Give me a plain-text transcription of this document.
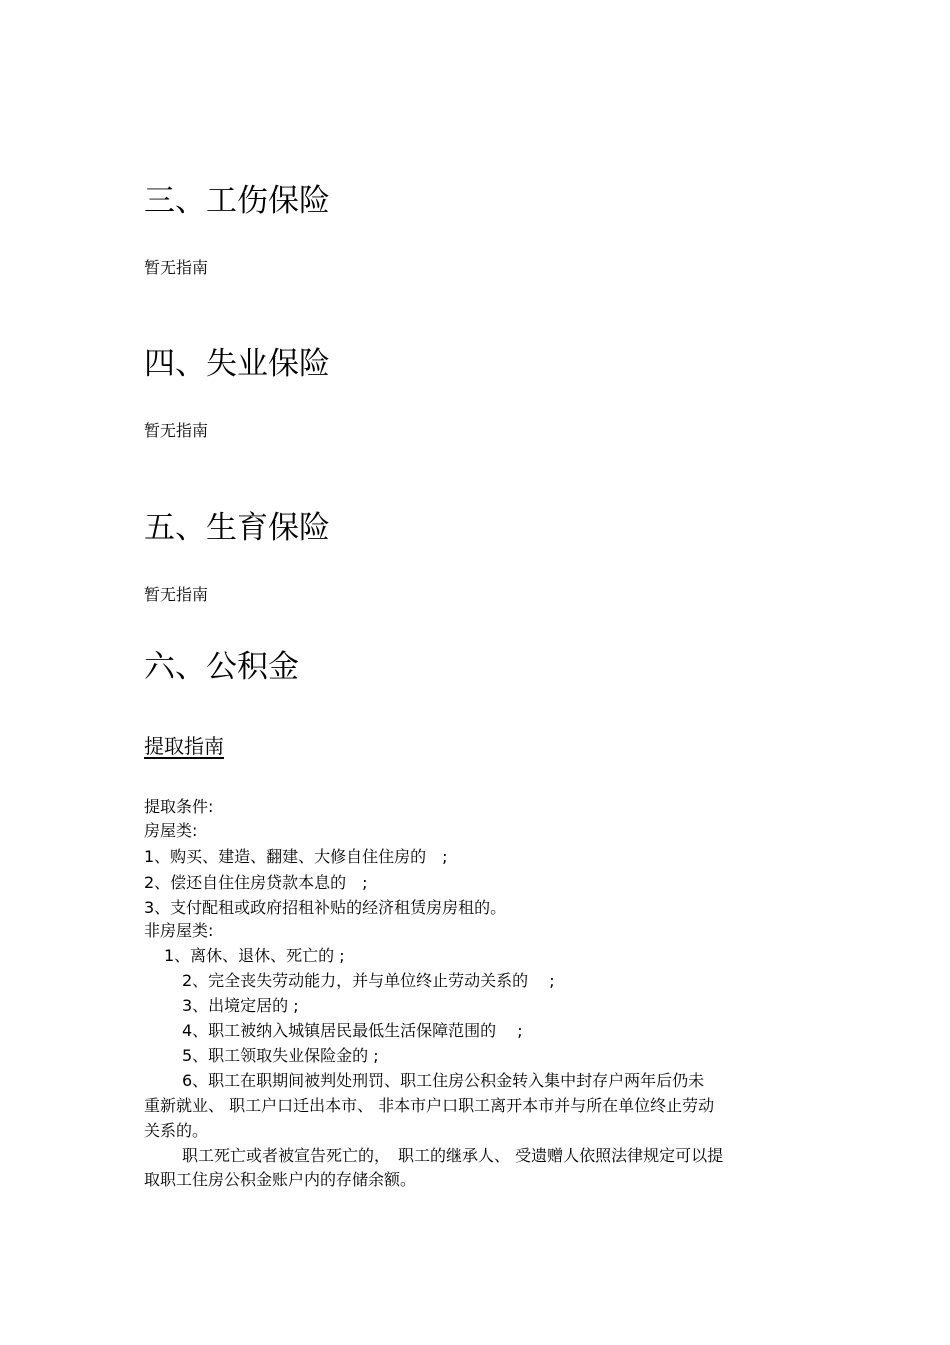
三、工伤保险
暂无指南
四、失业保险
暂无指南
五、生育保险
暂无指南
六、公积金
提取指南
提取条件:
房屋类:
1、购买、建造、翻建、大修自住住房的　;
2、偿还自住住房贷款本息的　;
3、支付配租或政府招租补贴的经济租赁房房租的。
非房屋类:
1、离休、退休、死亡的 ;
2、完全丧失劳动能力，并与单位终止劳动关系的　 ;
3、出境定居的 ;
4、职工被纳入城镇居民最低生活保障范围的　 ;
5、职工领取失业保险金的 ;
6、职工在职期间被判处刑罚、职工住房公积金转入集中封存户两年后仍未
重新就业、 职工户口迁出本市、 非本市户口职工离开本市并与所在单位终止劳动
关系的。
职工死亡或者被宣告死亡的，　职工的继承人、 受遗赠人依照法律规定可以提
取职工住房公积金账户内的存储余额。
